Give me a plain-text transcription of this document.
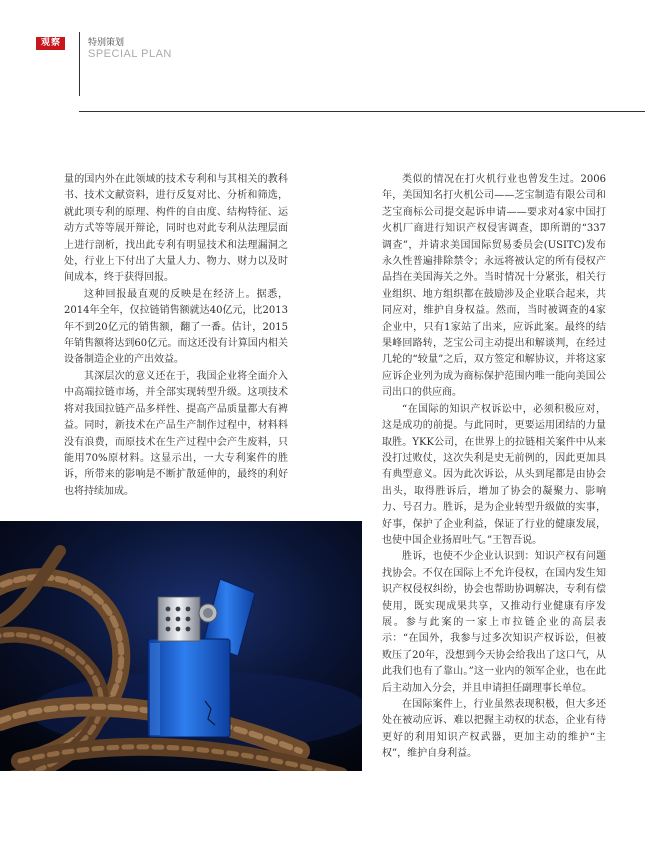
观察	特别策划
SPECIAL PLAN

量的国内外在此领域的技术专利和与其相关的教科书、技术文献资料，进行反复对比、分析和筛选，就此项专利的原理、构件的自由度、结构特征、运动方式等等展开辩论，同时也对此专利从法理层面上进行剖析，找出此专利有明显技术和法理漏洞之处，行业上下付出了大量人力、物力、财力以及时间成本，终于获得回报。

这种回报最直观的反映是在经济上。据悉，2014年全年，仅拉链销售额就达40亿元，比2013年不到20亿元的销售额，翻了一番。估计，2015年销售额将达到60亿元。而这还没有计算国内相关设备制造企业的产出效益。

其深层次的意义还在于，我国企业将全面介入中高端拉链市场，并全部实现转型升级。这项技术将对我国拉链产品多样性、提高产品质量都大有裨益。同时，新技术在产品生产制作过程中，材料料没有浪费，而原技术在生产过程中会产生废料，只能用70%原材料。这显示出，一大专利案件的胜诉，所带来的影响是不断扩散延伸的，最终的利好也将持续加成。

类似的情况在打火机行业也曾发生过。2006年，美国知名打火机公司——芝宝制造有限公司和芝宝商标公司提交起诉申请——要求对4家中国打火机厂商进行知识产权侵害调查，即所谓的“337调查”，并请求美国国际贸易委员会(USITC)发布永久性普遍排除禁令；永远将被认定的所有侵权产品挡在美国海关之外。当时情况十分紧张，相关行业组织、地方组织都在鼓励涉及企业联合起来，共同应对，维护自身权益。然而，当时被调查的4家企业中，只有1家站了出来，应诉此案。最终的结果峰回路转，芝宝公司主动提出和解谈判，在经过几轮的“较量”之后，双方签定和解协议，并将这家应诉企业列为成为商标保护范围内唯一能向美国公司出口的供应商。

“在国际的知识产权诉讼中，必须积极应对，这是成功的前提。与此同时，更要运用团结的力量取胜。YKK公司，在世界上的拉链相关案件中从来没打过败仗，这次失利是史无前例的，因此更加具有典型意义。因为此次诉讼，从头到尾都是由协会出头，取得胜诉后，增加了协会的凝聚力、影响力、号召力。胜诉，是为企业转型升级做的实事，好事，保护了企业利益，保证了行业的健康发展，也使中国企业扬眉吐气。”王智吾说。

胜诉，也使不少企业认识到：知识产权有问题找协会。不仅在国际上不允许侵权，在国内发生知识产权侵权纠纷，协会也帮助协调解决，专利有偿使用，既实现成果共享，又推动行业健康有序发展。参与此案的一家上市拉链企业的高层表示：“在国外，我参与过多次知识产权诉讼，但被败压了20年，没想到今天协会给我出了这口气，从此我们也有了靠山。”这一业内的领军企业，也在此后主动加入分会，并且申请担任副理事长单位。

在国际案件上，行业虽然表现积极，但大多还处在被动应诉、难以把握主动权的状态，企业有待更好的利用知识产权武器，更加主动的维护“主权”，维护自身利益。
